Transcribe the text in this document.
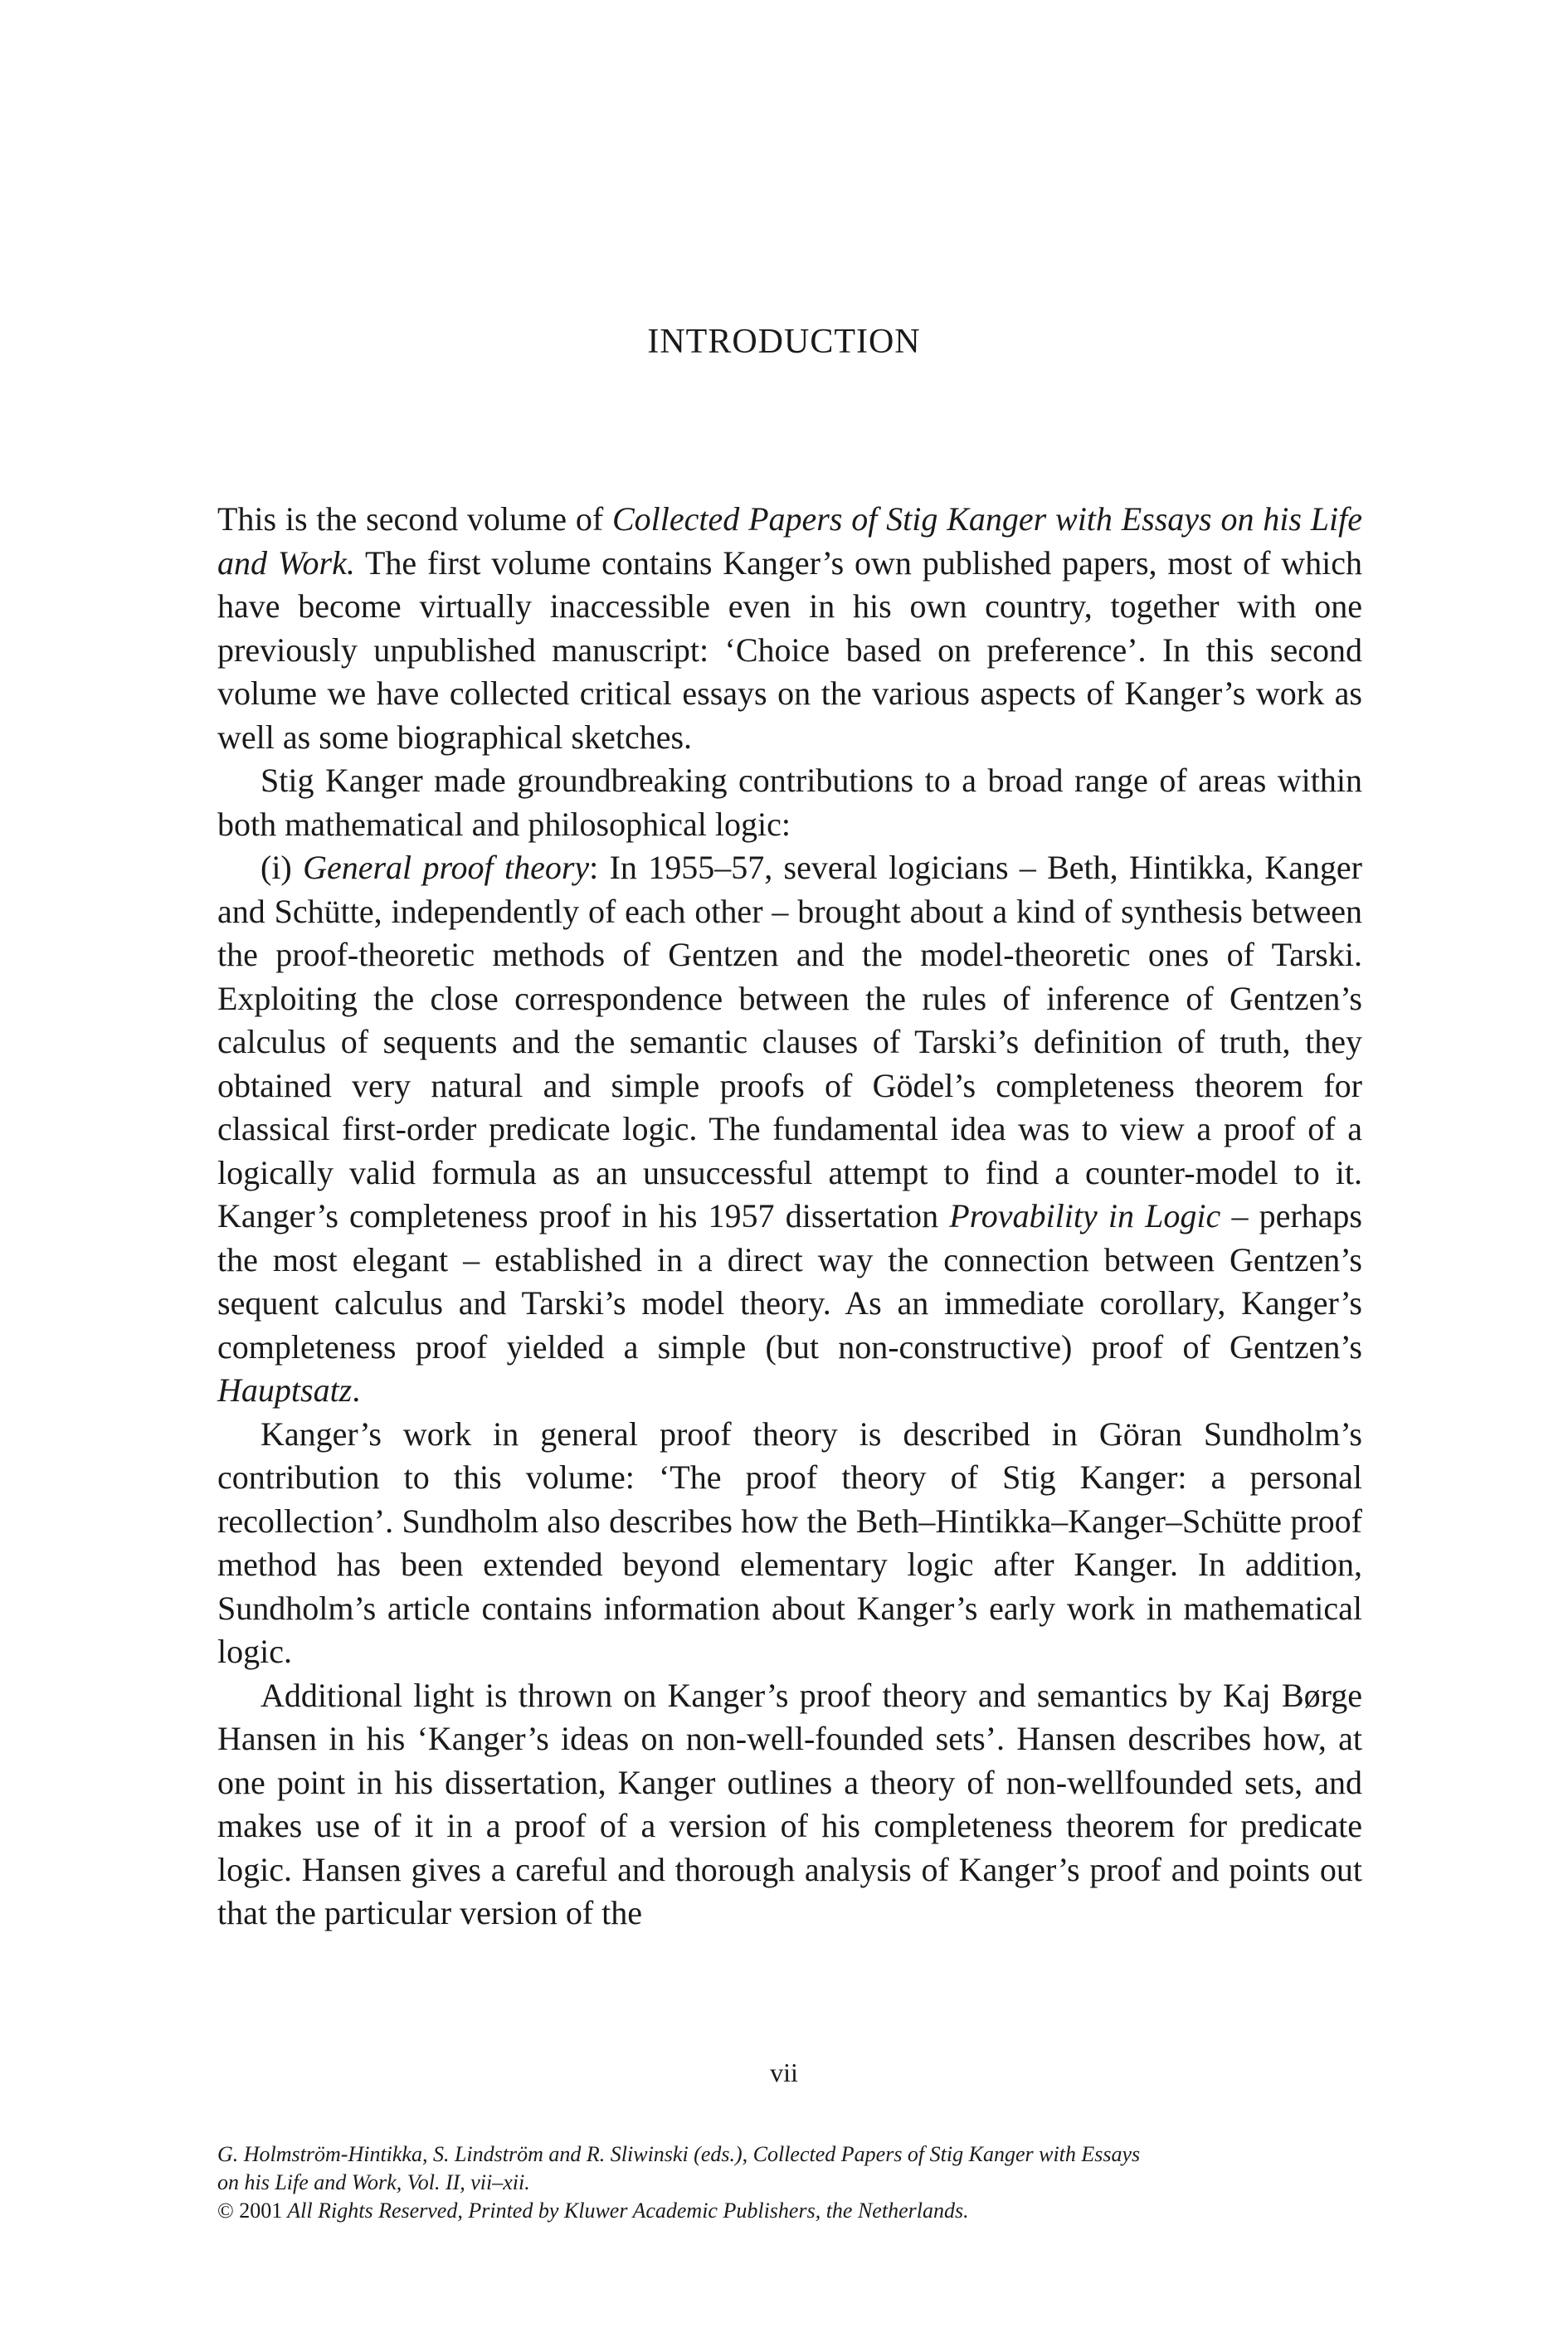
INTRODUCTION

This is the second volume of Collected Papers of Stig Kanger with Essays on his Life and Work. The first volume contains Kanger’s own published papers, most of which have become virtually inaccessible even in his own country, together with one previously unpublished manuscript: ‘Choice based on preference’. In this second volume we have collected critical essays on the various aspects of Kanger’s work as well as some biographical sketches.

Stig Kanger made groundbreaking contributions to a broad range of areas within both mathematical and philosophical logic:

(i) General proof theory: In 1955–57, several logicians – Beth, Hintikka, Kanger and Schütte, independently of each other – brought about a kind of synthesis between the proof-theoretic methods of Gentzen and the model-theoretic ones of Tarski. Exploiting the close correspondence between the rules of inference of Gentzen’s calculus of sequents and the semantic clauses of Tarski’s definition of truth, they obtained very natural and simple proofs of Gödel’s completeness theorem for classical first-order predicate logic. The fundamental idea was to view a proof of a logically valid formula as an unsuccessful attempt to find a counter-model to it. Kanger’s completeness proof in his 1957 dissertation Provability in Logic – perhaps the most elegant – established in a direct way the connection between Gentzen’s sequent calculus and Tarski’s model theory. As an immediate corollary, Kanger’s completeness proof yielded a simple (but non-constructive) proof of Gentzen’s Hauptsatz.

Kanger’s work in general proof theory is described in Göran Sundholm’s contribution to this volume: ‘The proof theory of Stig Kanger: a personal recollection’. Sundholm also describes how the Beth–Hintikka–Kanger–Schütte proof method has been extended beyond elementary logic after Kanger. In addition, Sundholm’s article contains information about Kanger’s early work in mathematical logic.

Additional light is thrown on Kanger’s proof theory and semantics by Kaj Børge Hansen in his ‘Kanger’s ideas on non-well-founded sets’. Hansen describes how, at one point in his dissertation, Kanger outlines a theory of non-wellfounded sets, and makes use of it in a proof of a version of his completeness theorem for predicate logic. Hansen gives a careful and thorough analysis of Kanger’s proof and points out that the particular version of the

vii
G. Holmström-Hintikka, S. Lindström and R. Sliwinski (eds.), Collected Papers of Stig Kanger with Essays
on his Life and Work, Vol. II, vii–xii.
© 2001 All Rights Reserved, Printed by Kluwer Academic Publishers, the Netherlands.
